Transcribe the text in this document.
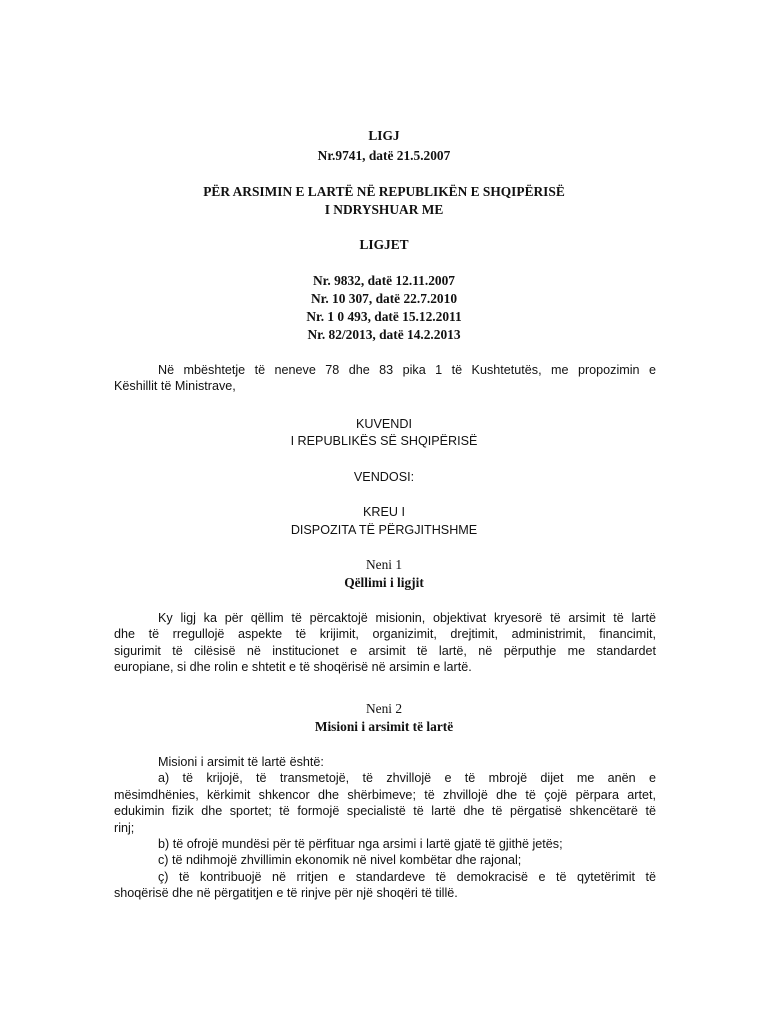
LIGJ
Nr.9741, datë 21.5.2007
PËR ARSIMIN E LARTË NË REPUBLIKËN E SHQIPËRISË
I NDRYSHUAR ME
LIGJET
Nr. 9832, datë 12.11.2007
Nr. 10 307, datë 22.7.2010
Nr. 1 0 493, datë 15.12.2011
Nr. 82/2013, datë 14.2.2013
Në mbështetje të neneve 78 dhe 83 pika 1 të Kushtetutës, me propozimin e
Këshillit të Ministrave,
KUVENDI
I REPUBLIKËS SË SHQIPËRISË
VENDOSI:
KREU I
DISPOZITA TË PËRGJITHSHME
Neni 1
Qëllimi i ligjit
Ky ligj ka për qëllim të përcaktojë misionin, objektivat kryesorë të arsimit të lartë
dhe të rregullojë aspekte të krijimit, organizimit, drejtimit, administrimit, financimit,
sigurimit të cilësisë në institucionet e arsimit të lartë, në përputhje me standardet
europiane, si dhe rolin e shtetit e të shoqërisë në arsimin e lartë.
Neni 2
Misioni i arsimit të lartë
Misioni i arsimit të lartë është:
a) të krijojë, të transmetojë, të zhvillojë e të mbrojë dijet me anën e
mësimdhënies, kërkimit shkencor dhe shërbimeve; të zhvillojë dhe të çojë përpara artet,
edukimin fizik dhe sportet; të formojë specialistë të lartë dhe të përgatisë shkencëtarë të
rinj;
b) të ofrojë mundësi për të përfituar nga arsimi i lartë gjatë të gjithë jetës;
c) të ndihmojë zhvillimin ekonomik në nivel kombëtar dhe rajonal;
ç) të kontribuojë në rritjen e standardeve të demokracisë e të qytetërimit të
shoqërisë dhe në përgatitjen e të rinjve për një shoqëri të tillë.
